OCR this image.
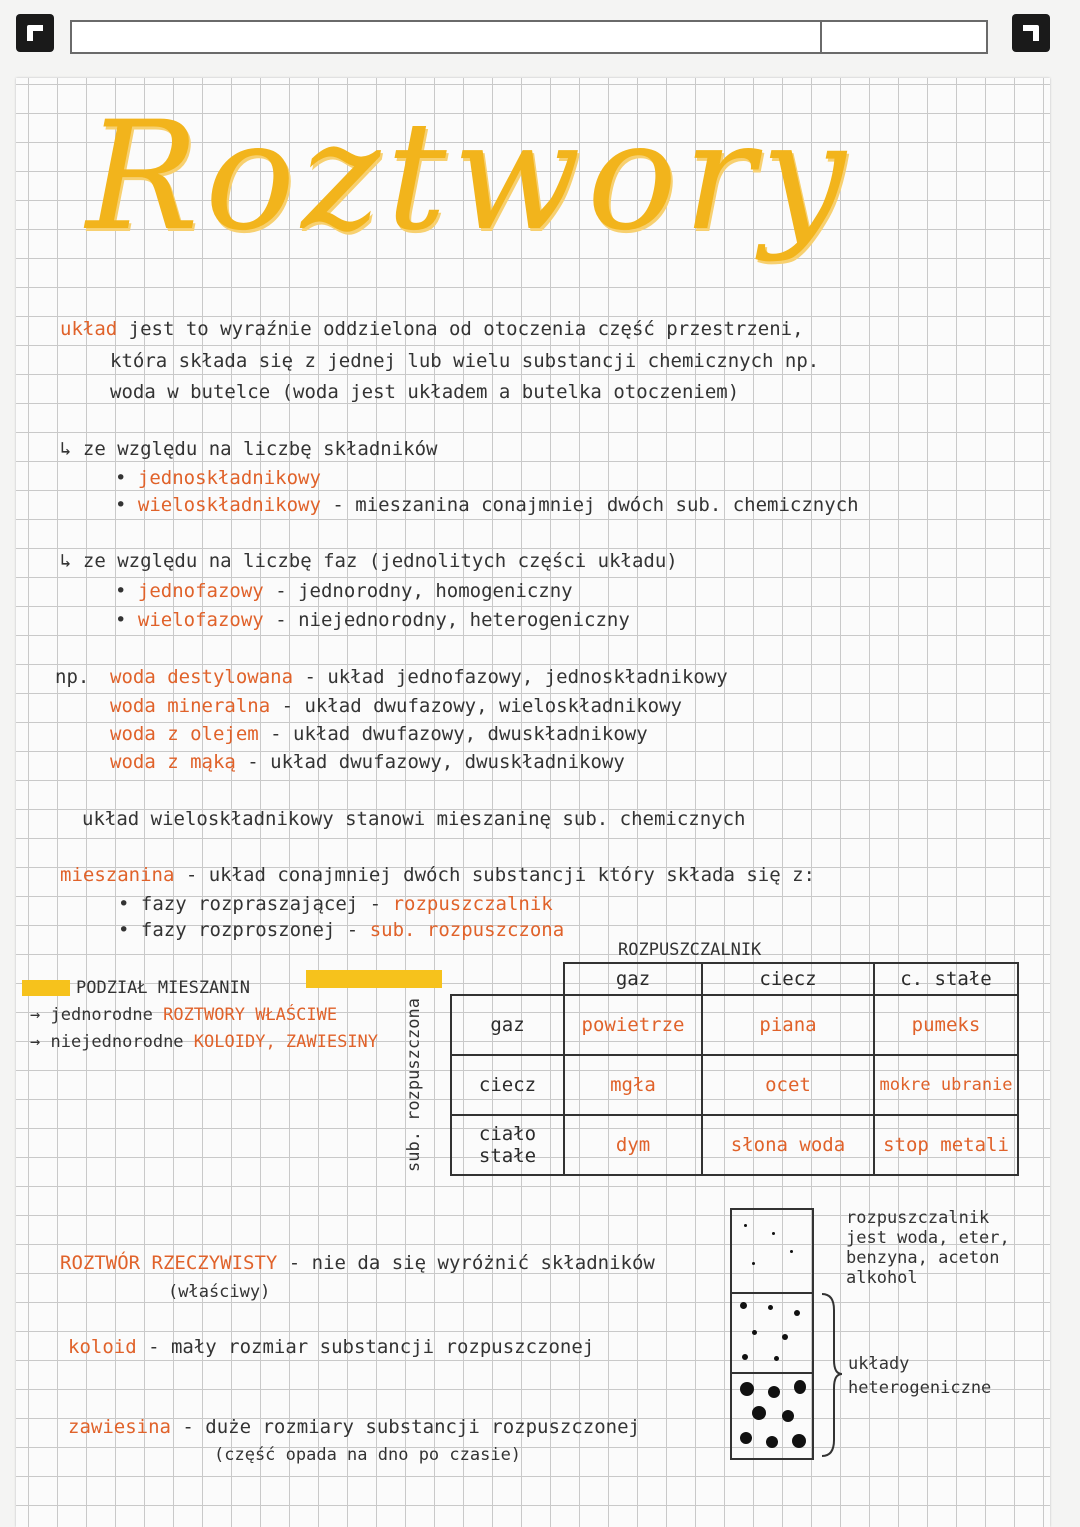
Roztwory
układ jest to wyraźnie oddzielona od otoczenia część przestrzeni,
która składa się z jednej lub wielu substancji chemicznych np.
woda w butelce (woda jest układem a butelka otoczeniem)
↳ ze względu na liczbę składników
• jednoskładnikowy
• wieloskładnikowy - mieszanina conajmniej dwóch sub. chemicznych
↳ ze względu na liczbę faz (jednolitych części układu)
• jednofazowy - jednorodny, homogeniczny
• wielofazowy - niejednorodny, heterogeniczny
np. woda destylowana - układ jednofazowy, jednoskładnikowy
woda mineralna - układ dwufazowy, wieloskładnikowy
woda z olejem - układ dwufazowy, dwuskładnikowy
woda z mąką - układ dwufazowy, dwuskładnikowy
układ wieloskładnikowy stanowi mieszaninę sub. chemicznych
mieszanina - układ conajmniej dwóch substancji który składa się z:
• fazy rozpraszającej - rozpuszczalnik
• fazy rozproszonej - sub. rozpuszczona
PODZIAŁ MIESZANIN
→ jednorodne ROZTWORY WŁAŚCIWE
→ niejednorodne KOLOIDY, ZAWIESINY
ROZPUSZCZALNIK
sub. rozpuszczona
	gaz	ciecz	c. stałe
gaz	powietrze	piana	pumeks
ciecz	mgła	ocet	mokre ubranie
ciało stałe	dym	słona woda	stop metali
ROZTWÓR RZECZYWISTY - nie da się wyróżnić składników
(właściwy)
koloid - mały rozmiar substancji rozpuszczonej
zawiesina - duże rozmiary substancji rozpuszczonej
(część opada na dno po czasie)
rozpuszczalnik jest woda, eter, benzyna, aceton alkohol
układy heterogeniczne
